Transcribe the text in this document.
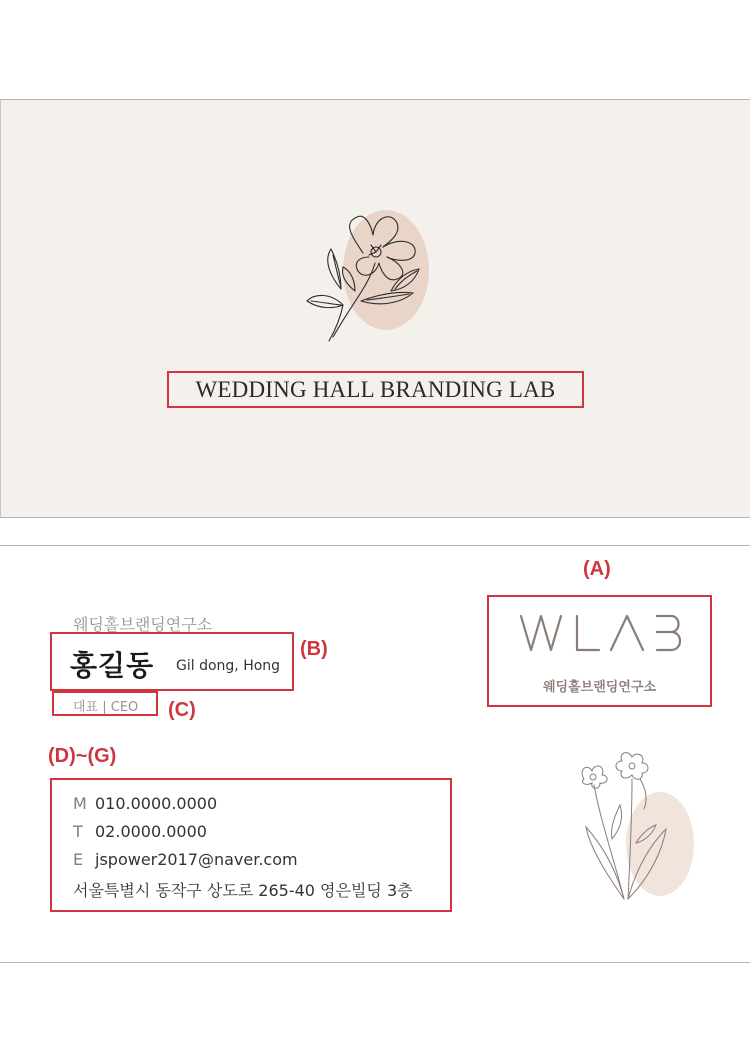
WEDDING HALL BRANDING LAB
웨딩홀브랜딩연구소
홍길동 Gil dong, Hong
(B)
대표 | CEO (C)
(D)~(G)
M 010.0000.0000
T 02.0000.0000
E jspower2017@naver.com
서울특별시 동작구 상도로 265-40 영은빌딩 3층
(A)
웨딩홀브랜딩연구소
